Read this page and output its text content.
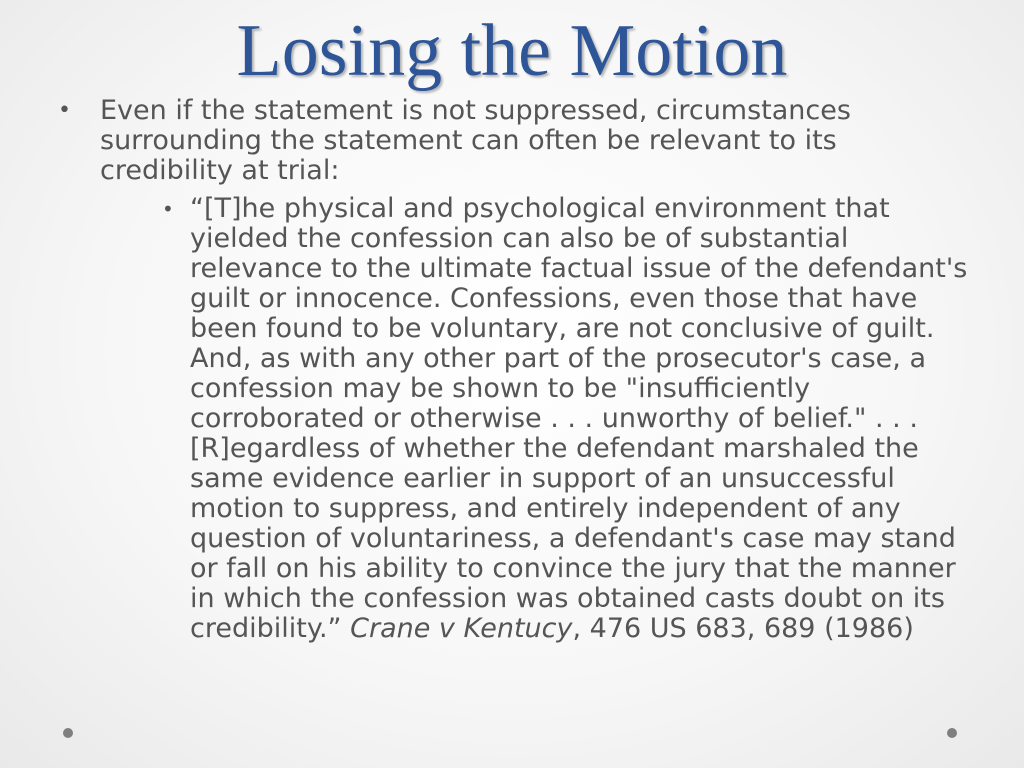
Losing the Motion
• Even if the statement is not suppressed, circumstances surrounding the statement can often be relevant to its credibility at trial:

• “[T]he physical and psychological environment that yielded the confession can also be of substantial relevance to the ultimate factual issue of the defendant's guilt or innocence. Confessions, even those that have been found to be voluntary, are not conclusive of guilt. And, as with any other part of the prosecutor's case, a confession may be shown to be "insufficiently corroborated or otherwise . . . unworthy of belief." . . . [R]egardless of whether the defendant marshaled the same evidence earlier in support of an unsuccessful motion to suppress, and entirely independent of any question of voluntariness, a defendant's case may stand or fall on his ability to convince the jury that the manner in which the confession was obtained casts doubt on its credibility.” Crane v Kentucy, 476 US 683, 689 (1986)
